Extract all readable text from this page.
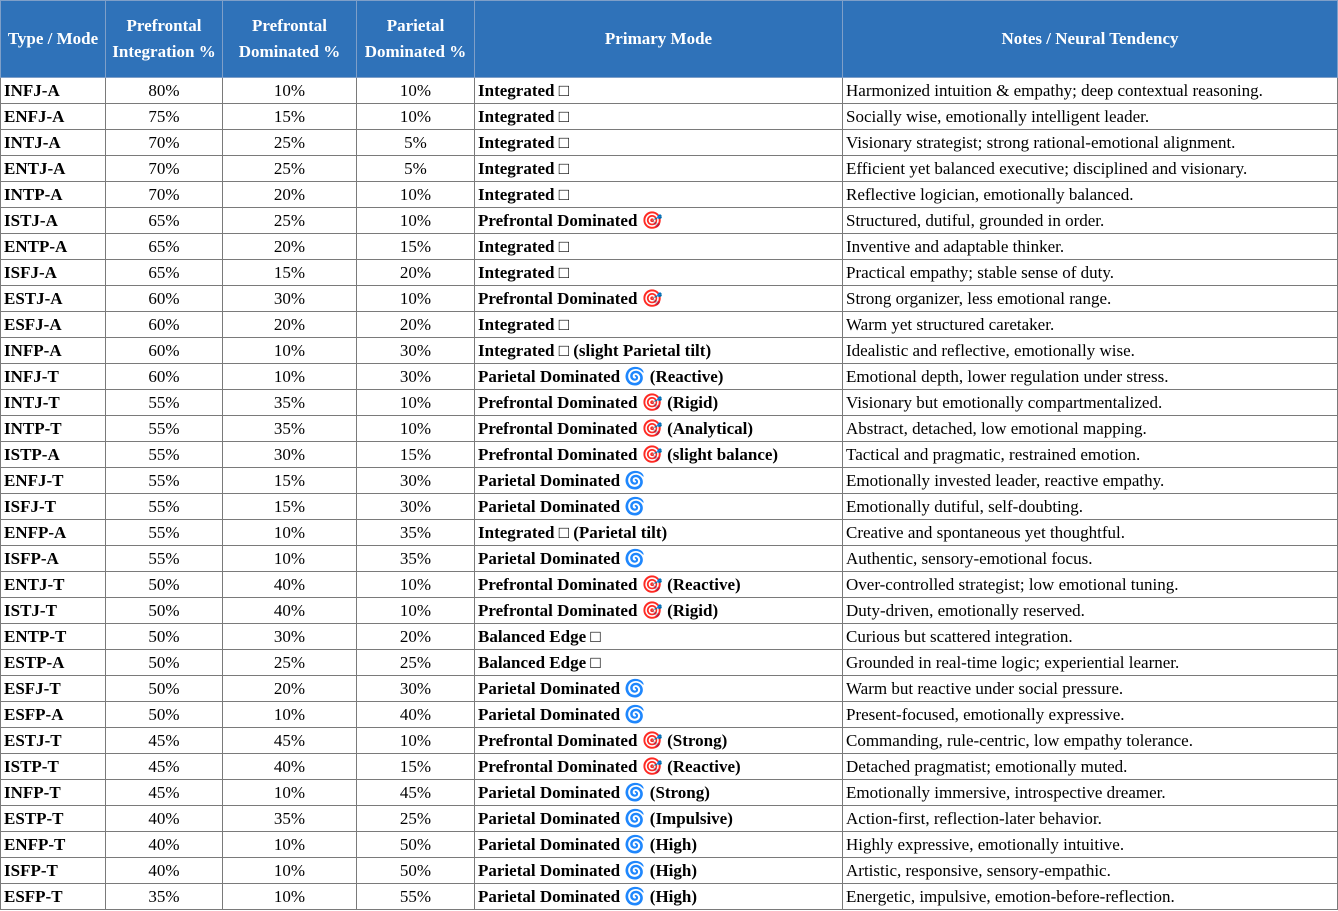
Type / Mode	Prefrontal Integration %	Prefrontal Dominated %	Parietal Dominated %	Primary Mode	Notes / Neural Tendency
INFJ-A	80%	10%	10%	Integrated □	Harmonized intuition & empathy; deep contextual reasoning.
ENFJ-A	75%	15%	10%	Integrated □	Socially wise, emotionally intelligent leader.
INTJ-A	70%	25%	5%	Integrated □	Visionary strategist; strong rational-emotional alignment.
ENTJ-A	70%	25%	5%	Integrated □	Efficient yet balanced executive; disciplined and visionary.
INTP-A	70%	20%	10%	Integrated □	Reflective logician, emotionally balanced.
ISTJ-A	65%	25%	10%	Prefrontal Dominated 🎯	Structured, dutiful, grounded in order.
ENTP-A	65%	20%	15%	Integrated □	Inventive and adaptable thinker.
ISFJ-A	65%	15%	20%	Integrated □	Practical empathy; stable sense of duty.
ESTJ-A	60%	30%	10%	Prefrontal Dominated 🎯	Strong organizer, less emotional range.
ESFJ-A	60%	20%	20%	Integrated □	Warm yet structured caretaker.
INFP-A	60%	10%	30%	Integrated □ (slight Parietal tilt)	Idealistic and reflective, emotionally wise.
INFJ-T	60%	10%	30%	Parietal Dominated 🌀 (Reactive)	Emotional depth, lower regulation under stress.
INTJ-T	55%	35%	10%	Prefrontal Dominated 🎯 (Rigid)	Visionary but emotionally compartmentalized.
INTP-T	55%	35%	10%	Prefrontal Dominated 🎯 (Analytical)	Abstract, detached, low emotional mapping.
ISTP-A	55%	30%	15%	Prefrontal Dominated 🎯 (slight balance)	Tactical and pragmatic, restrained emotion.
ENFJ-T	55%	15%	30%	Parietal Dominated 🌀	Emotionally invested leader, reactive empathy.
ISFJ-T	55%	15%	30%	Parietal Dominated 🌀	Emotionally dutiful, self-doubting.
ENFP-A	55%	10%	35%	Integrated □ (Parietal tilt)	Creative and spontaneous yet thoughtful.
ISFP-A	55%	10%	35%	Parietal Dominated 🌀	Authentic, sensory-emotional focus.
ENTJ-T	50%	40%	10%	Prefrontal Dominated 🎯 (Reactive)	Over-controlled strategist; low emotional tuning.
ISTJ-T	50%	40%	10%	Prefrontal Dominated 🎯 (Rigid)	Duty-driven, emotionally reserved.
ENTP-T	50%	30%	20%	Balanced Edge □	Curious but scattered integration.
ESTP-A	50%	25%	25%	Balanced Edge □	Grounded in real-time logic; experiential learner.
ESFJ-T	50%	20%	30%	Parietal Dominated 🌀	Warm but reactive under social pressure.
ESFP-A	50%	10%	40%	Parietal Dominated 🌀	Present-focused, emotionally expressive.
ESTJ-T	45%	45%	10%	Prefrontal Dominated 🎯 (Strong)	Commanding, rule-centric, low empathy tolerance.
ISTP-T	45%	40%	15%	Prefrontal Dominated 🎯 (Reactive)	Detached pragmatist; emotionally muted.
INFP-T	45%	10%	45%	Parietal Dominated 🌀 (Strong)	Emotionally immersive, introspective dreamer.
ESTP-T	40%	35%	25%	Parietal Dominated 🌀 (Impulsive)	Action-first, reflection-later behavior.
ENFP-T	40%	10%	50%	Parietal Dominated 🌀 (High)	Highly expressive, emotionally intuitive.
ISFP-T	40%	10%	50%	Parietal Dominated 🌀 (High)	Artistic, responsive, sensory-empathic.
ESFP-T	35%	10%	55%	Parietal Dominated 🌀 (High)	Energetic, impulsive, emotion-before-reflection.
